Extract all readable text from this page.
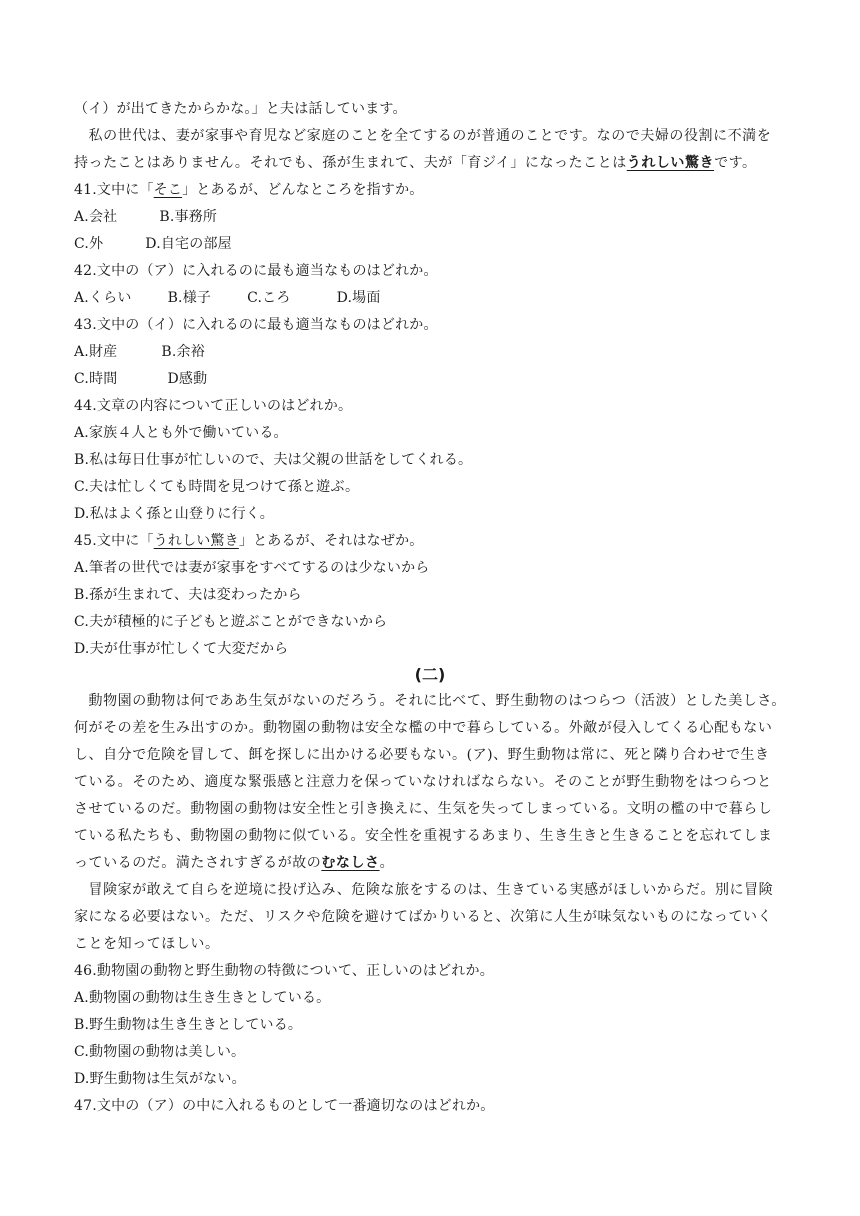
（イ）が出てきたからかな。」と夫は話しています。
　私の世代は、妻が家事や育児など家庭のことを全てするのが普通のことです。なので夫婦の役割に不満を
持ったことはありません。それでも、孫が生まれて、夫が「育ジイ」になったことはうれしい驚きです。
41.文中に「そこ」とあるが、どんなところを指すか。
A.会社	B.事務所
C.外	D.自宅の部屋
42.文中の（ア）に入れるのに最も適当なものはどれか。
A.くらい	B.様子	C.ころ	D.場面
43.文中の（イ）に入れるのに最も適当なものはどれか。
A.財産	B.余裕
C.時間	D感動
44.文章の内容について正しいのはどれか。
A.家族４人とも外で働いている。
B.私は毎日仕事が忙しいので、夫は父親の世話をしてくれる。
C.夫は忙しくても時間を見つけて孫と遊ぶ。
D.私はよく孫と山登りに行く。
45.文中に「うれしい驚き」とあるが、それはなぜか。
A.筆者の世代では妻が家事をすべてするのは少ないから
B.孫が生まれて、夫は変わったから
C.夫が積極的に子どもと遊ぶことができないから
D.夫が仕事が忙しくて大変だから
(二)
　動物園の動物は何でああ生気がないのだろう。それに比べて、野生動物のはつらつ（活波）とした美しさ。
何がその差を生み出すのか。動物園の動物は安全な檻の中で暮らしている。外敵が侵入してくる心配もない
し、自分で危険を冒して、餌を探しに出かける必要もない。(ア)、野生動物は常に、死と隣り合わせで生き
ている。そのため、適度な緊張感と注意力を保っていなければならない。そのことが野生動物をはつらつと
させているのだ。動物園の動物は安全性と引き換えに、生気を失ってしまっている。文明の檻の中で暮らし
ている私たちも、動物園の動物に似ている。安全性を重視するあまり、生き生きと生きることを忘れてしま
っているのだ。満たされすぎるが故のむなしさ。
　冒険家が敢えて自らを逆境に投げ込み、危険な旅をするのは、生きている実感がほしいからだ。別に冒険
家になる必要はない。ただ、リスクや危険を避けてばかりいると、次第に人生が味気ないものになっていく
ことを知ってほしい。
46.動物園の動物と野生動物の特徴について、正しいのはどれか。
A.動物園の動物は生き生きとしている。
B.野生動物は生き生きとしている。
C.動物園の動物は美しい。
D.野生動物は生気がない。
47.文中の（ア）の中に入れるものとして一番適切なのはどれか。
